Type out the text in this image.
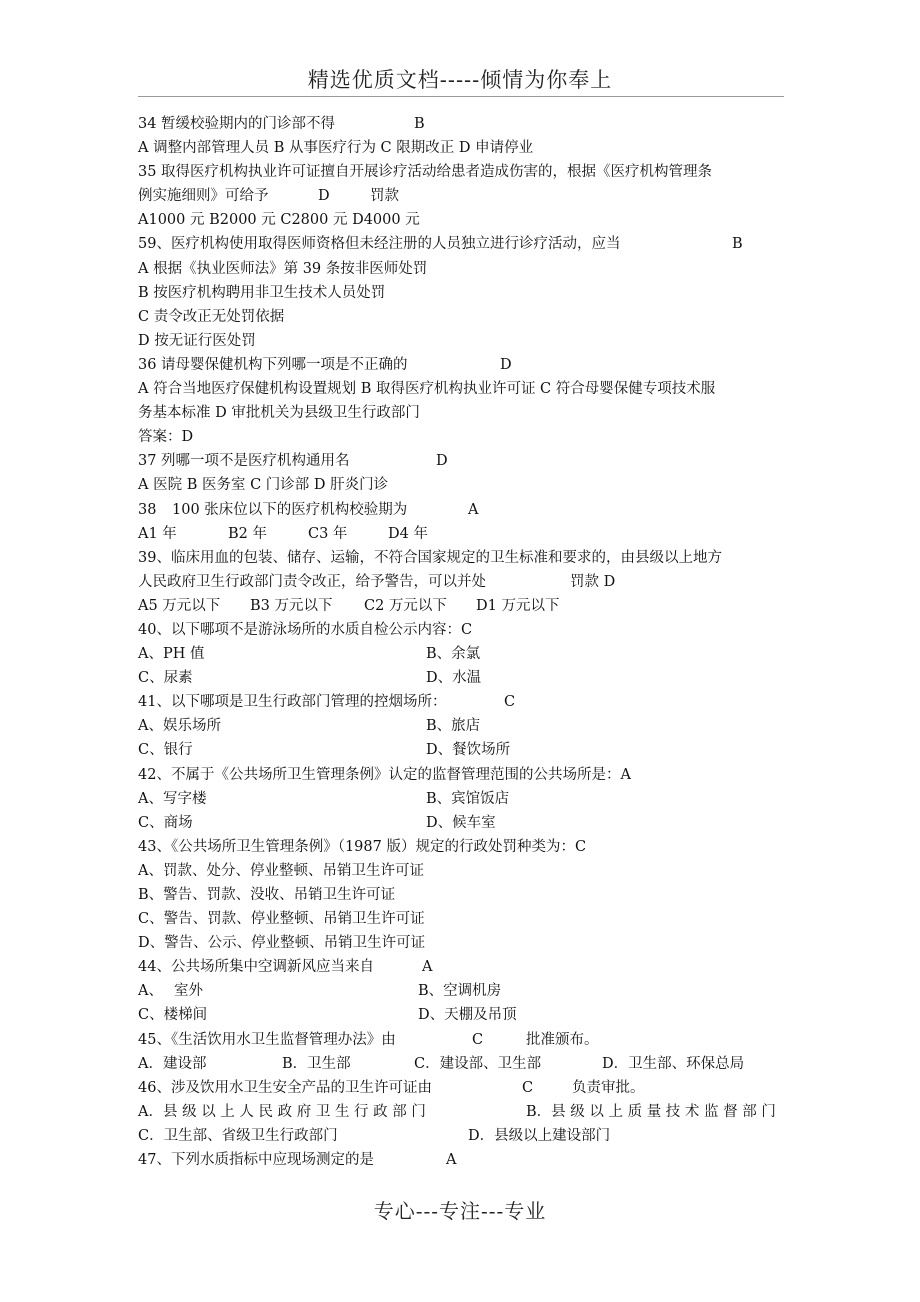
精选优质文档-----倾情为你奉上
34 暂缓校验期内的门诊部不得	B
A 调整内部管理人员 B 从事医疗行为 C 限期改正 D 申请停业
35 取得医疗机构执业许可证擅自开展诊疗活动给患者造成伤害的，根据《医疗机构管理条
例实施细则》可给予	D	罚款
A1000 元 B2000 元 C2800 元 D4000 元
59、医疗机构使用取得医师资格但未经注册的人员独立进行诊疗活动，应当	B
A 根据《执业医师法》第 39 条按非医师处罚
B 按医疗机构聘用非卫生技术人员处罚
C 责令改正无处罚依据
D 按无证行医处罚
36 请母婴保健机构下列哪一项是不正确的	D
A 符合当地医疗保健机构设置规划 B 取得医疗机构执业许可证 C 符合母婴保健专项技术服
务基本标准 D 审批机关为县级卫生行政部门
答案：D
37 列哪一项不是医疗机构通用名	D
A 医院 B 医务室 C 门诊部 D 肝炎门诊
38 100 张床位以下的医疗机构校验期为	A
A1 年	B2 年	C3 年	D4 年
39、临床用血的包装、储存、运输，不符合国家规定的卫生标准和要求的，由县级以上地方
人民政府卫生行政部门责令改正，给予警告，可以并处	罚款 D
A5 万元以下 B3 万元以下 C2 万元以下 D1 万元以下
40、以下哪项不是游泳场所的水质自检公示内容：C
A、PH 值	B、余氯
C、尿素	D、水温
41、以下哪项是卫生行政部门管理的控烟场所：	C
A、娱乐场所	B、旅店
C、银行	D、餐饮场所
42、不属于《公共场所卫生管理条例》认定的监督管理范围的公共场所是：A
A、写字楼	B、宾馆饭店
C、商场	D、候车室
43、《公共场所卫生管理条例》（1987 版）规定的行政处罚种类为：C
A、罚款、处分、停业整顿、吊销卫生许可证
B、警告、罚款、没收、吊销卫生许可证
C、警告、罚款、停业整顿、吊销卫生许可证
D、警告、公示、停业整顿、吊销卫生许可证
44、公共场所集中空调新风应当来自	A
A、 室外	B、空调机房
C、楼梯间	D、天棚及吊顶
45、《生活饮用水卫生监督管理办法》由	C	批准颁布。
A．建设部	B．卫生部	C．建设部、卫生部	D．卫生部、环保总局
46、涉及饮用水卫生安全产品的卫生许可证由	C	负责审批。
A．县 级 以 上 人 民 政 府 卫 生 行 政 部 门	B．县 级 以 上 质 量 技 术 监 督 部 门
C．卫生部、省级卫生行政部门	D．县级以上建设部门
47、下列水质指标中应现场测定的是	A
专心---专注---专业
